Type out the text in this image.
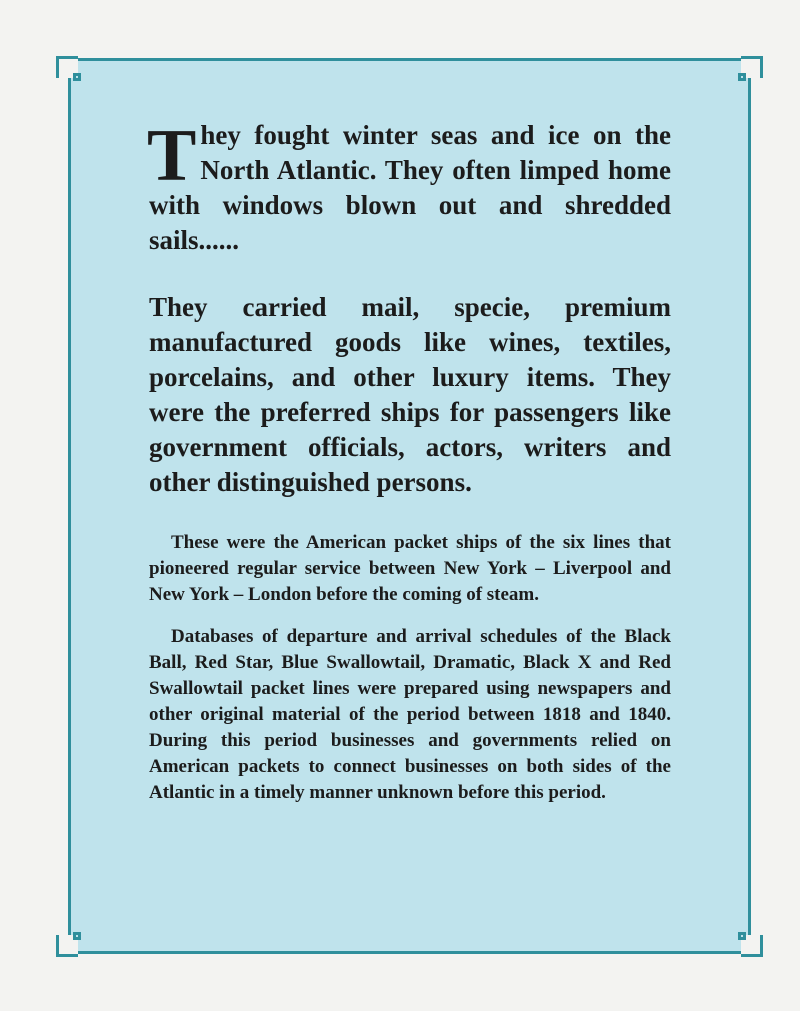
They fought winter seas and ice on the North Atlantic. They often limped home with windows blown out and shredded sails......

They carried mail, specie, premium manufactured goods like wines, textiles, porcelains, and other luxury items. They were the preferred ships for passengers like government officials, actors, writers and other distinguished persons.

These were the American packet ships of the six lines that pioneered regular service between New York – Liverpool and New York – London before the coming of steam.

Databases of departure and arrival schedules of the Black Ball, Red Star, Blue Swallowtail, Dramatic, Black X and Red Swallowtail packet lines were prepared using newspapers and other original material of the period between 1818 and 1840. During this period businesses and governments relied on American packets to connect businesses on both sides of the Atlantic in a timely manner unknown before this period.
